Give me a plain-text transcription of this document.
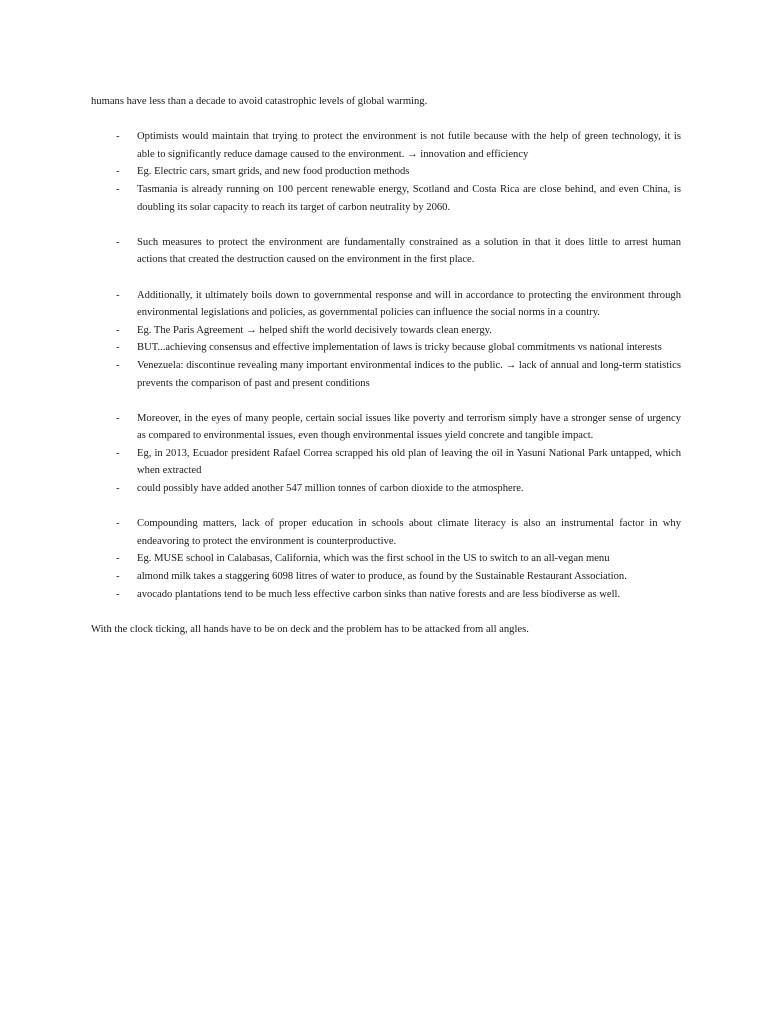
humans have less than a decade to avoid catastrophic levels of global warming.

- Optimists would maintain that trying to protect the environment is not futile because with the help of green technology, it is able to significantly reduce damage caused to the environment. → innovation and efficiency
- Eg. Electric cars, smart grids, and new food production methods
- Tasmania is already running on 100 percent renewable energy, Scotland and Costa Rica are close behind, and even China, is doubling its solar capacity to reach its target of carbon neutrality by 2060.
- Such measures to protect the environment are fundamentally constrained as a solution in that it does little to arrest human actions that created the destruction caused on the environment in the first place.
- Additionally, it ultimately boils down to governmental response and will in accordance to protecting the environment through environmental legislations and policies, as governmental policies can influence the social norms in a country.
- Eg. The Paris Agreement → helped shift the world decisively towards clean energy.
- BUT...achieving consensus and effective implementation of laws is tricky because global commitments vs national interests
- Venezuela: discontinue revealing many important environmental indices to the public. → lack of annual and long-term statistics prevents the comparison of past and present conditions
- Moreover, in the eyes of many people, certain social issues like poverty and terrorism simply have a stronger sense of urgency as compared to environmental issues, even though environmental issues yield concrete and tangible impact.
- Eg, in 2013, Ecuador president Rafael Correa scrapped his old plan of leaving the oil in Yasuní National Park untapped, which when extracted
- could possibly have added another 547 million tonnes of carbon dioxide to the atmosphere.
- Compounding matters, lack of proper education in schools about climate literacy is also an instrumental factor in why endeavoring to protect the environment is counterproductive.
- Eg. MUSE school in Calabasas, California, which was the first school in the US to switch to an all-vegan menu
- almond milk takes a staggering 6098 litres of water to produce, as found by the Sustainable Restaurant Association.
- avocado plantations tend to be much less effective carbon sinks than native forests and are less biodiverse as well.

With the clock ticking, all hands have to be on deck and the problem has to be attacked from all angles.
